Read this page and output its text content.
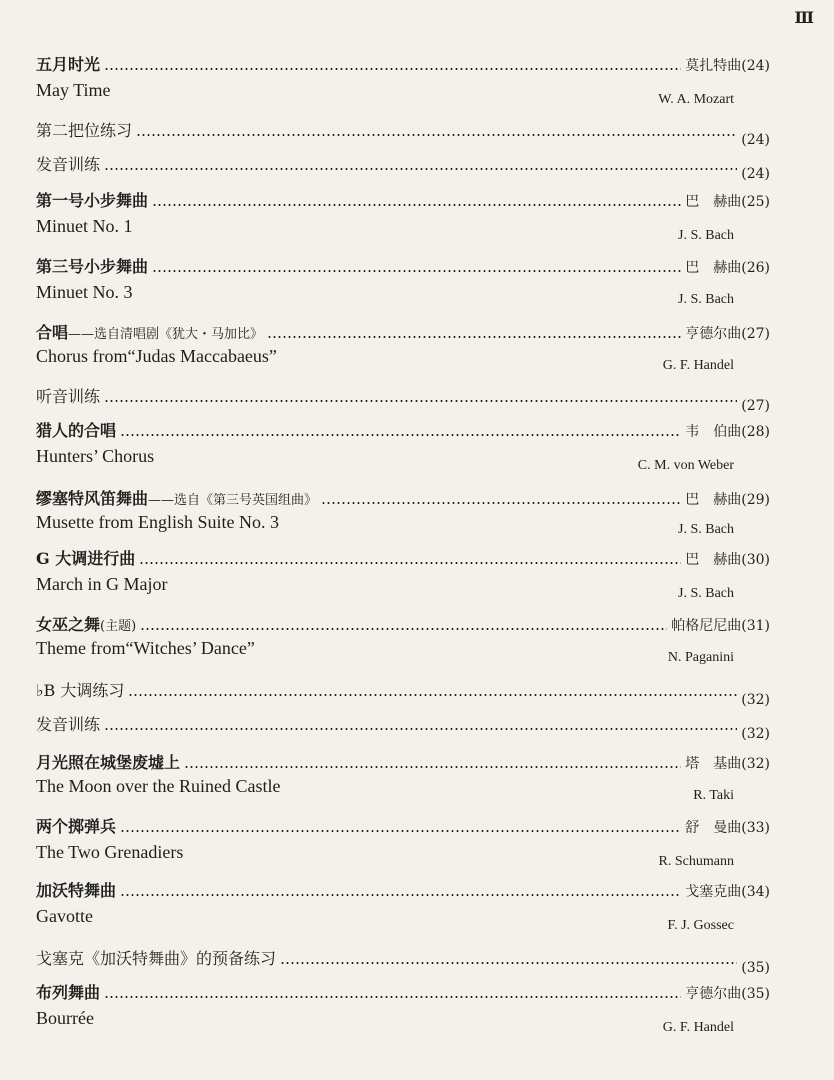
Ⅲ
五月时光	莫扎特曲(24)
May Time	W. A. Mozart
第二把位练习	(24)
发音训练	(24)
第一号小步舞曲	巴　赫曲(25)
Minuet No. 1	J. S. Bach
第三号小步舞曲	巴　赫曲(26)
Minuet No. 3	J. S. Bach
合唱——选自清唱剧《犹大・马加比》	亨德尔曲(27)
Chorus from“Judas Maccabaeus”	G. F. Handel
听音训练	(27)
猎人的合唱	韦　伯曲(28)
Hunters’ Chorus	C. M. von Weber
缪塞特风笛舞曲——选自《第三号英国组曲》	巴　赫曲(29)
Musette from English Suite No. 3	J. S. Bach
G 大调进行曲	巴　赫曲(30)
March in G Major	J. S. Bach
女巫之舞(主题)	帕格尼尼曲(31)
Theme from“Witches’ Dance”	N. Paganini
♭B 大调练习	(32)
发音训练	(32)
月光照在城堡废墟上	塔　基曲(32)
The Moon over the Ruined Castle	R. Taki
两个掷弹兵	舒　曼曲(33)
The Two Grenadiers	R. Schumann
加沃特舞曲	戈塞克曲(34)
Gavotte	F. J. Gossec
戈塞克《加沃特舞曲》的预备练习	(35)
布列舞曲	亨德尔曲(35)
Bourrée	G. F. Handel
